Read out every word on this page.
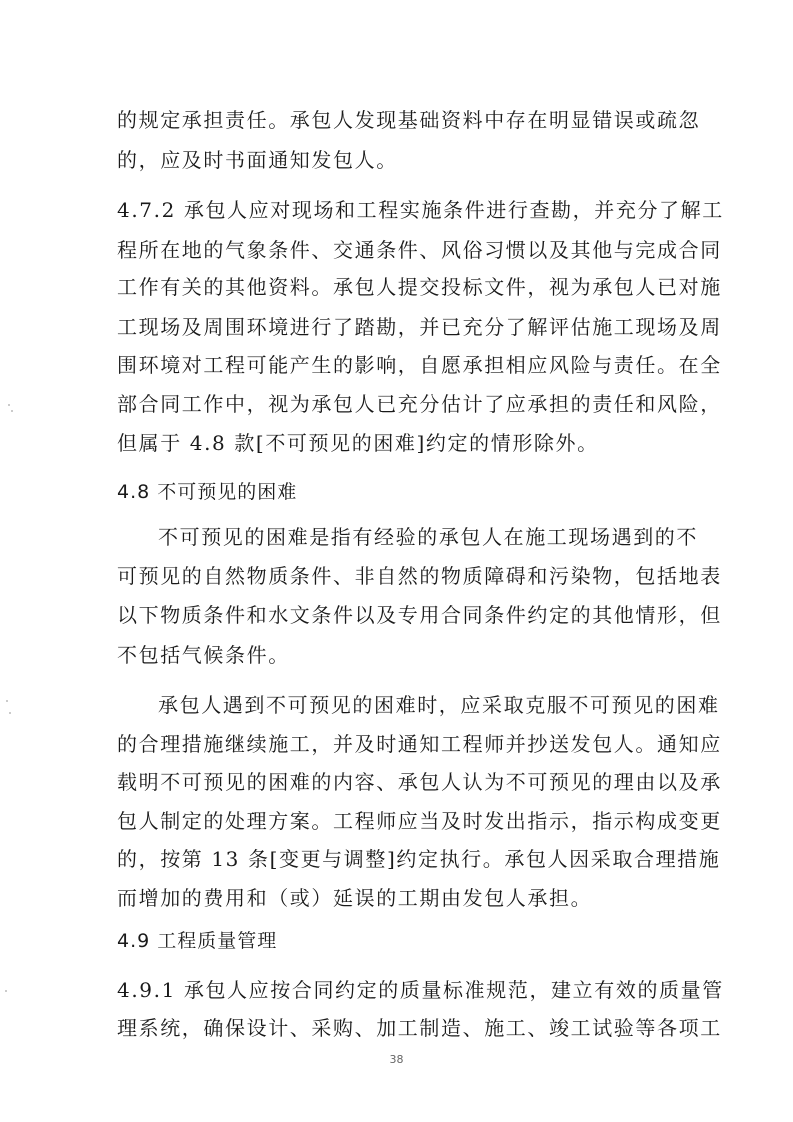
的规定承担责任。承包人发现基础资料中存在明显错误或疏忽
的，应及时书面通知发包人。
4.7.2 承包人应对现场和工程实施条件进行查勘，并充分了解工
程所在地的气象条件、交通条件、风俗习惯以及其他与完成合同
工作有关的其他资料。承包人提交投标文件，视为承包人已对施
工现场及周围环境进行了踏勘，并已充分了解评估施工现场及周
围环境对工程可能产生的影响，自愿承担相应风险与责任。在全
部合同工作中，视为承包人已充分估计了应承担的责任和风险，
但属于 4.8 款[不可预见的困难]约定的情形除外。
4.8 不可预见的困难
不可预见的困难是指有经验的承包人在施工现场遇到的不
可预见的自然物质条件、非自然的物质障碍和污染物，包括地表
以下物质条件和水文条件以及专用合同条件约定的其他情形，但
不包括气候条件。
承包人遇到不可预见的困难时，应采取克服不可预见的困难
的合理措施继续施工，并及时通知工程师并抄送发包人。通知应
载明不可预见的困难的内容、承包人认为不可预见的理由以及承
包人制定的处理方案。工程师应当及时发出指示，指示构成变更
的，按第 13 条[变更与调整]约定执行。承包人因采取合理措施
而增加的费用和（或）延误的工期由发包人承担。
4.9 工程质量管理
4.9.1 承包人应按合同约定的质量标准规范，建立有效的质量管
理系统，确保设计、采购、加工制造、施工、竣工试验等各项工
38
